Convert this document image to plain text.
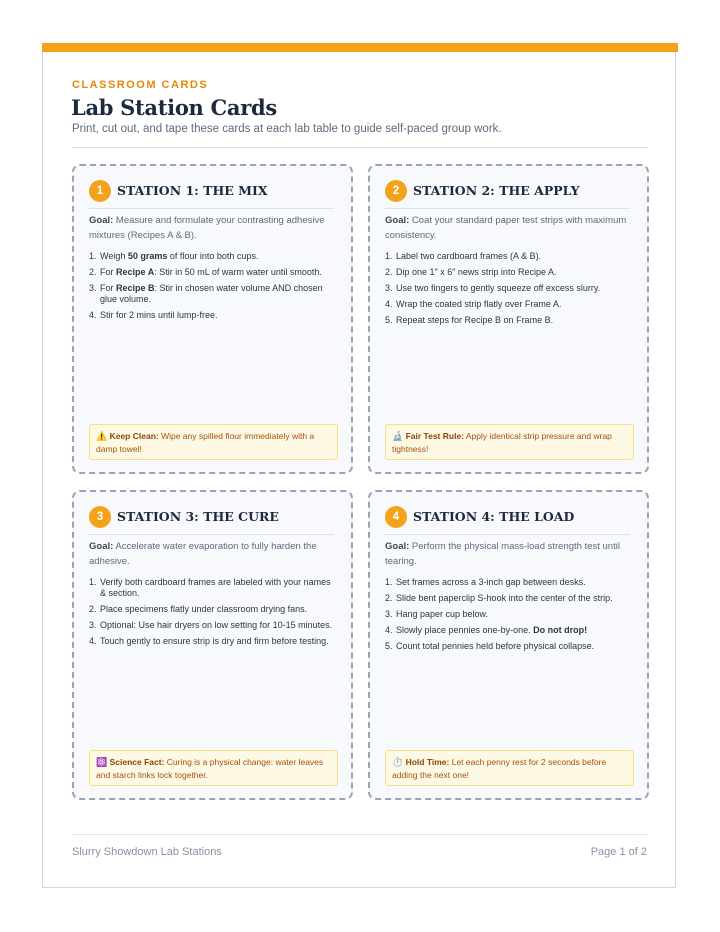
CLASSROOM CARDS
Lab Station Cards
Print, cut out, and tape these cards at each lab table to guide self-paced group work.
1	STATION 1: THE MIX
Goal: Measure and formulate your contrasting adhesive mixtures (Recipes A & B).
1. Weigh 50 grams of flour into both cups.
2. For Recipe A: Stir in 50 mL of warm water until smooth.
3. For Recipe B: Stir in chosen water volume AND chosen glue volume.
4. Stir for 2 mins until lump-free.
⚠️ Keep Clean: Wipe any spilled flour immediately with a damp towel!
2	STATION 2: THE APPLY
Goal: Coat your standard paper test strips with maximum consistency.
1. Label two cardboard frames (A & B).
2. Dip one 1" x 6" news strip into Recipe A.
3. Use two fingers to gently squeeze off excess slurry.
4. Wrap the coated strip flatly over Frame A.
5. Repeat steps for Recipe B on Frame B.
🔬 Fair Test Rule: Apply identical strip pressure and wrap tightness!
3	STATION 3: THE CURE
Goal: Accelerate water evaporation to fully harden the adhesive.
1. Verify both cardboard frames are labeled with your names & section.
2. Place specimens flatly under classroom drying fans.
3. Optional: Use hair dryers on low setting for 10-15 minutes.
4. Touch gently to ensure strip is dry and firm before testing.
⚛️ Science Fact: Curing is a physical change: water leaves and starch links lock together.
4	STATION 4: THE LOAD
Goal: Perform the physical mass-load strength test until tearing.
1. Set frames across a 3-inch gap between desks.
2. Slide bent paperclip S-hook into the center of the strip.
3. Hang paper cup below.
4. Slowly place pennies one-by-one. Do not drop!
5. Count total pennies held before physical collapse.
⏱️ Hold Time: Let each penny rest for 2 seconds before adding the next one!
Slurry Showdown Lab Stations	Page 1 of 2
